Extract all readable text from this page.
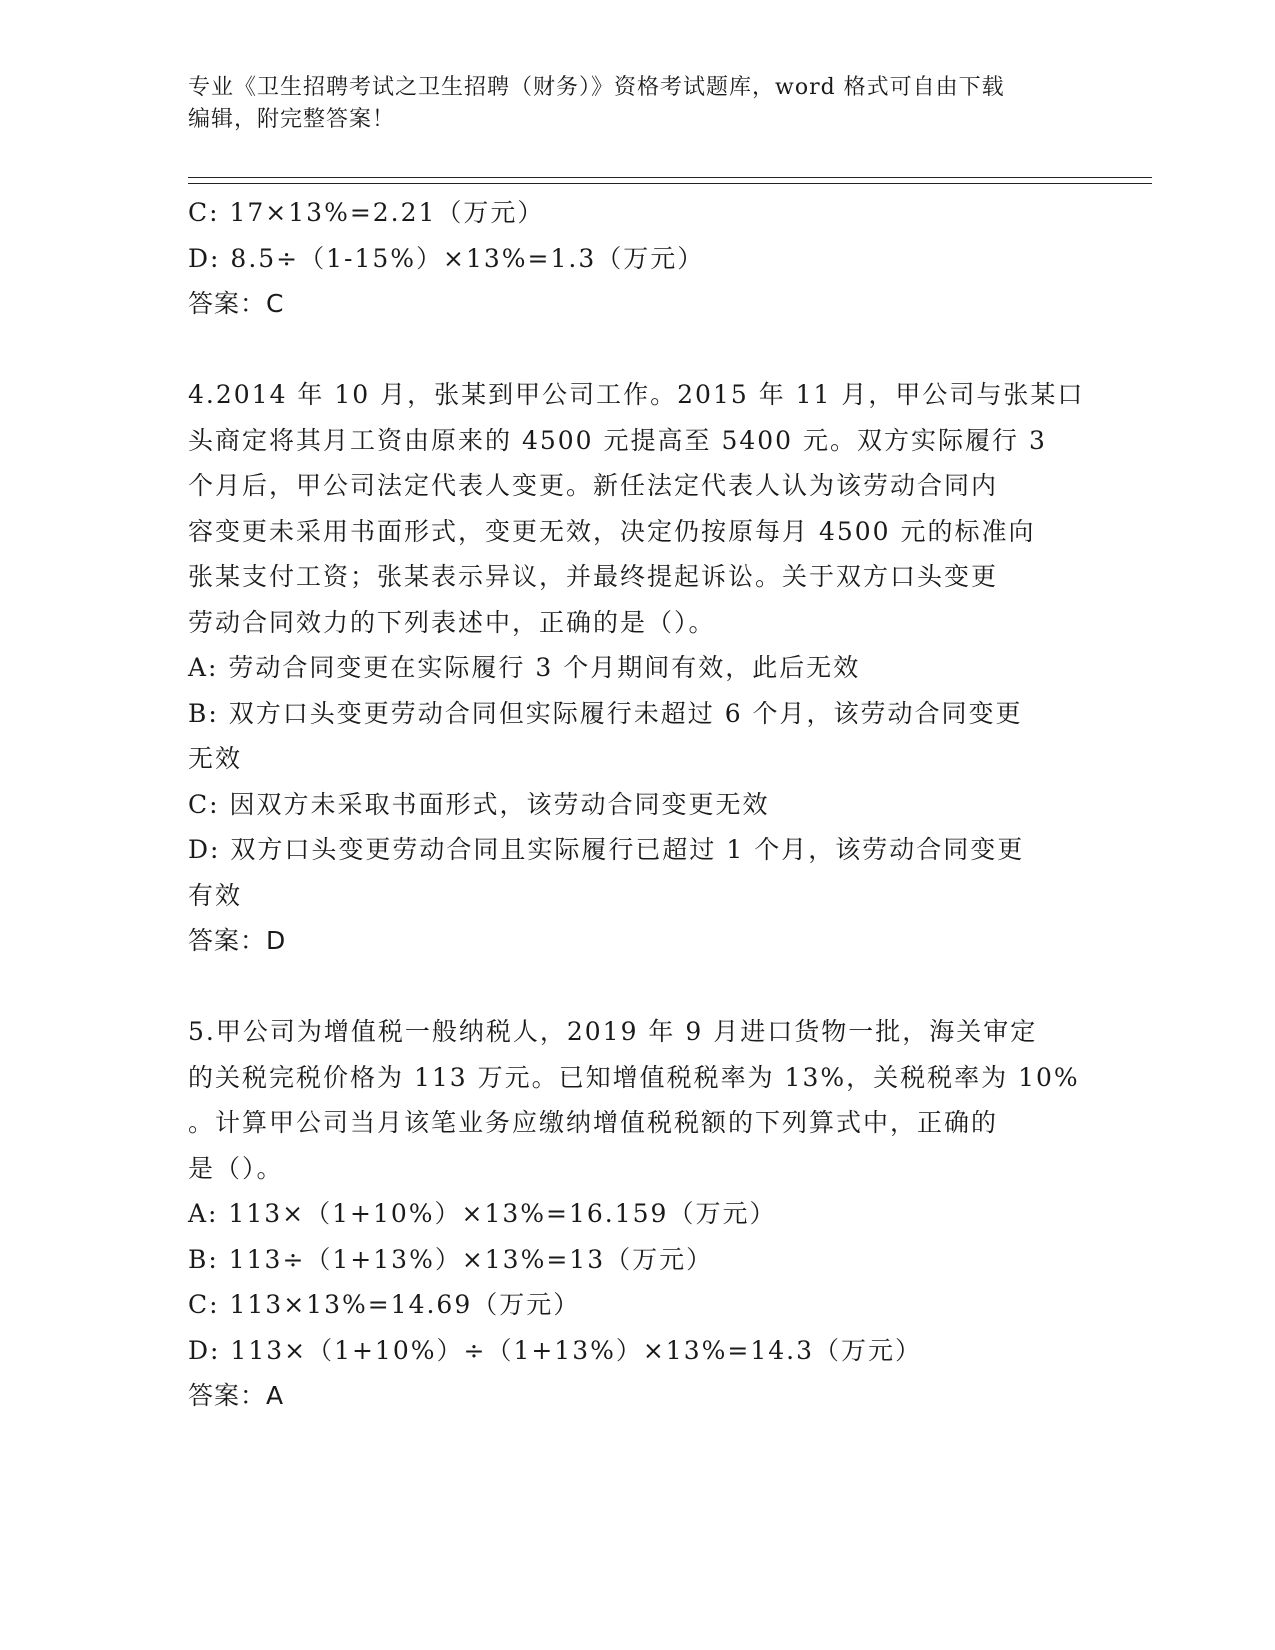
专业《卫生招聘考试之卫生招聘（财务）》资格考试题库，word 格式可自由下载
编辑，附完整答案！
C: 17×13%=2.21（万元）
D: 8.5÷（1-15%）×13%=1.3（万元）
答案：C
4.2014 年 10 月，张某到甲公司工作。2015 年 11 月，甲公司与张某口
头商定将其月工资由原来的 4500 元提高至 5400 元。双方实际履行 3
个月后，甲公司法定代表人变更。新任法定代表人认为该劳动合同内
容变更未采用书面形式，变更无效，决定仍按原每月 4500 元的标准向
张某支付工资；张某表示异议，并最终提起诉讼。关于双方口头变更
劳动合同效力的下列表述中，正确的是（）。
A: 劳动合同变更在实际履行 3 个月期间有效，此后无效
B: 双方口头变更劳动合同但实际履行未超过 6 个月，该劳动合同变更
无效
C: 因双方未采取书面形式，该劳动合同变更无效
D: 双方口头变更劳动合同且实际履行已超过 1 个月，该劳动合同变更
有效
答案：D
5.甲公司为增值税一般纳税人，2019 年 9 月进口货物一批，海关审定
的关税完税价格为 113 万元。已知增值税税率为 13%，关税税率为 10%
。计算甲公司当月该笔业务应缴纳增值税税额的下列算式中，正确的
是（）。
A: 113×（1+10%）×13%=16.159（万元）
B: 113÷（1+13%）×13%=13（万元）
C: 113×13%=14.69（万元）
D: 113×（1+10%）÷（1+13%）×13%=14.3（万元）
答案：A
